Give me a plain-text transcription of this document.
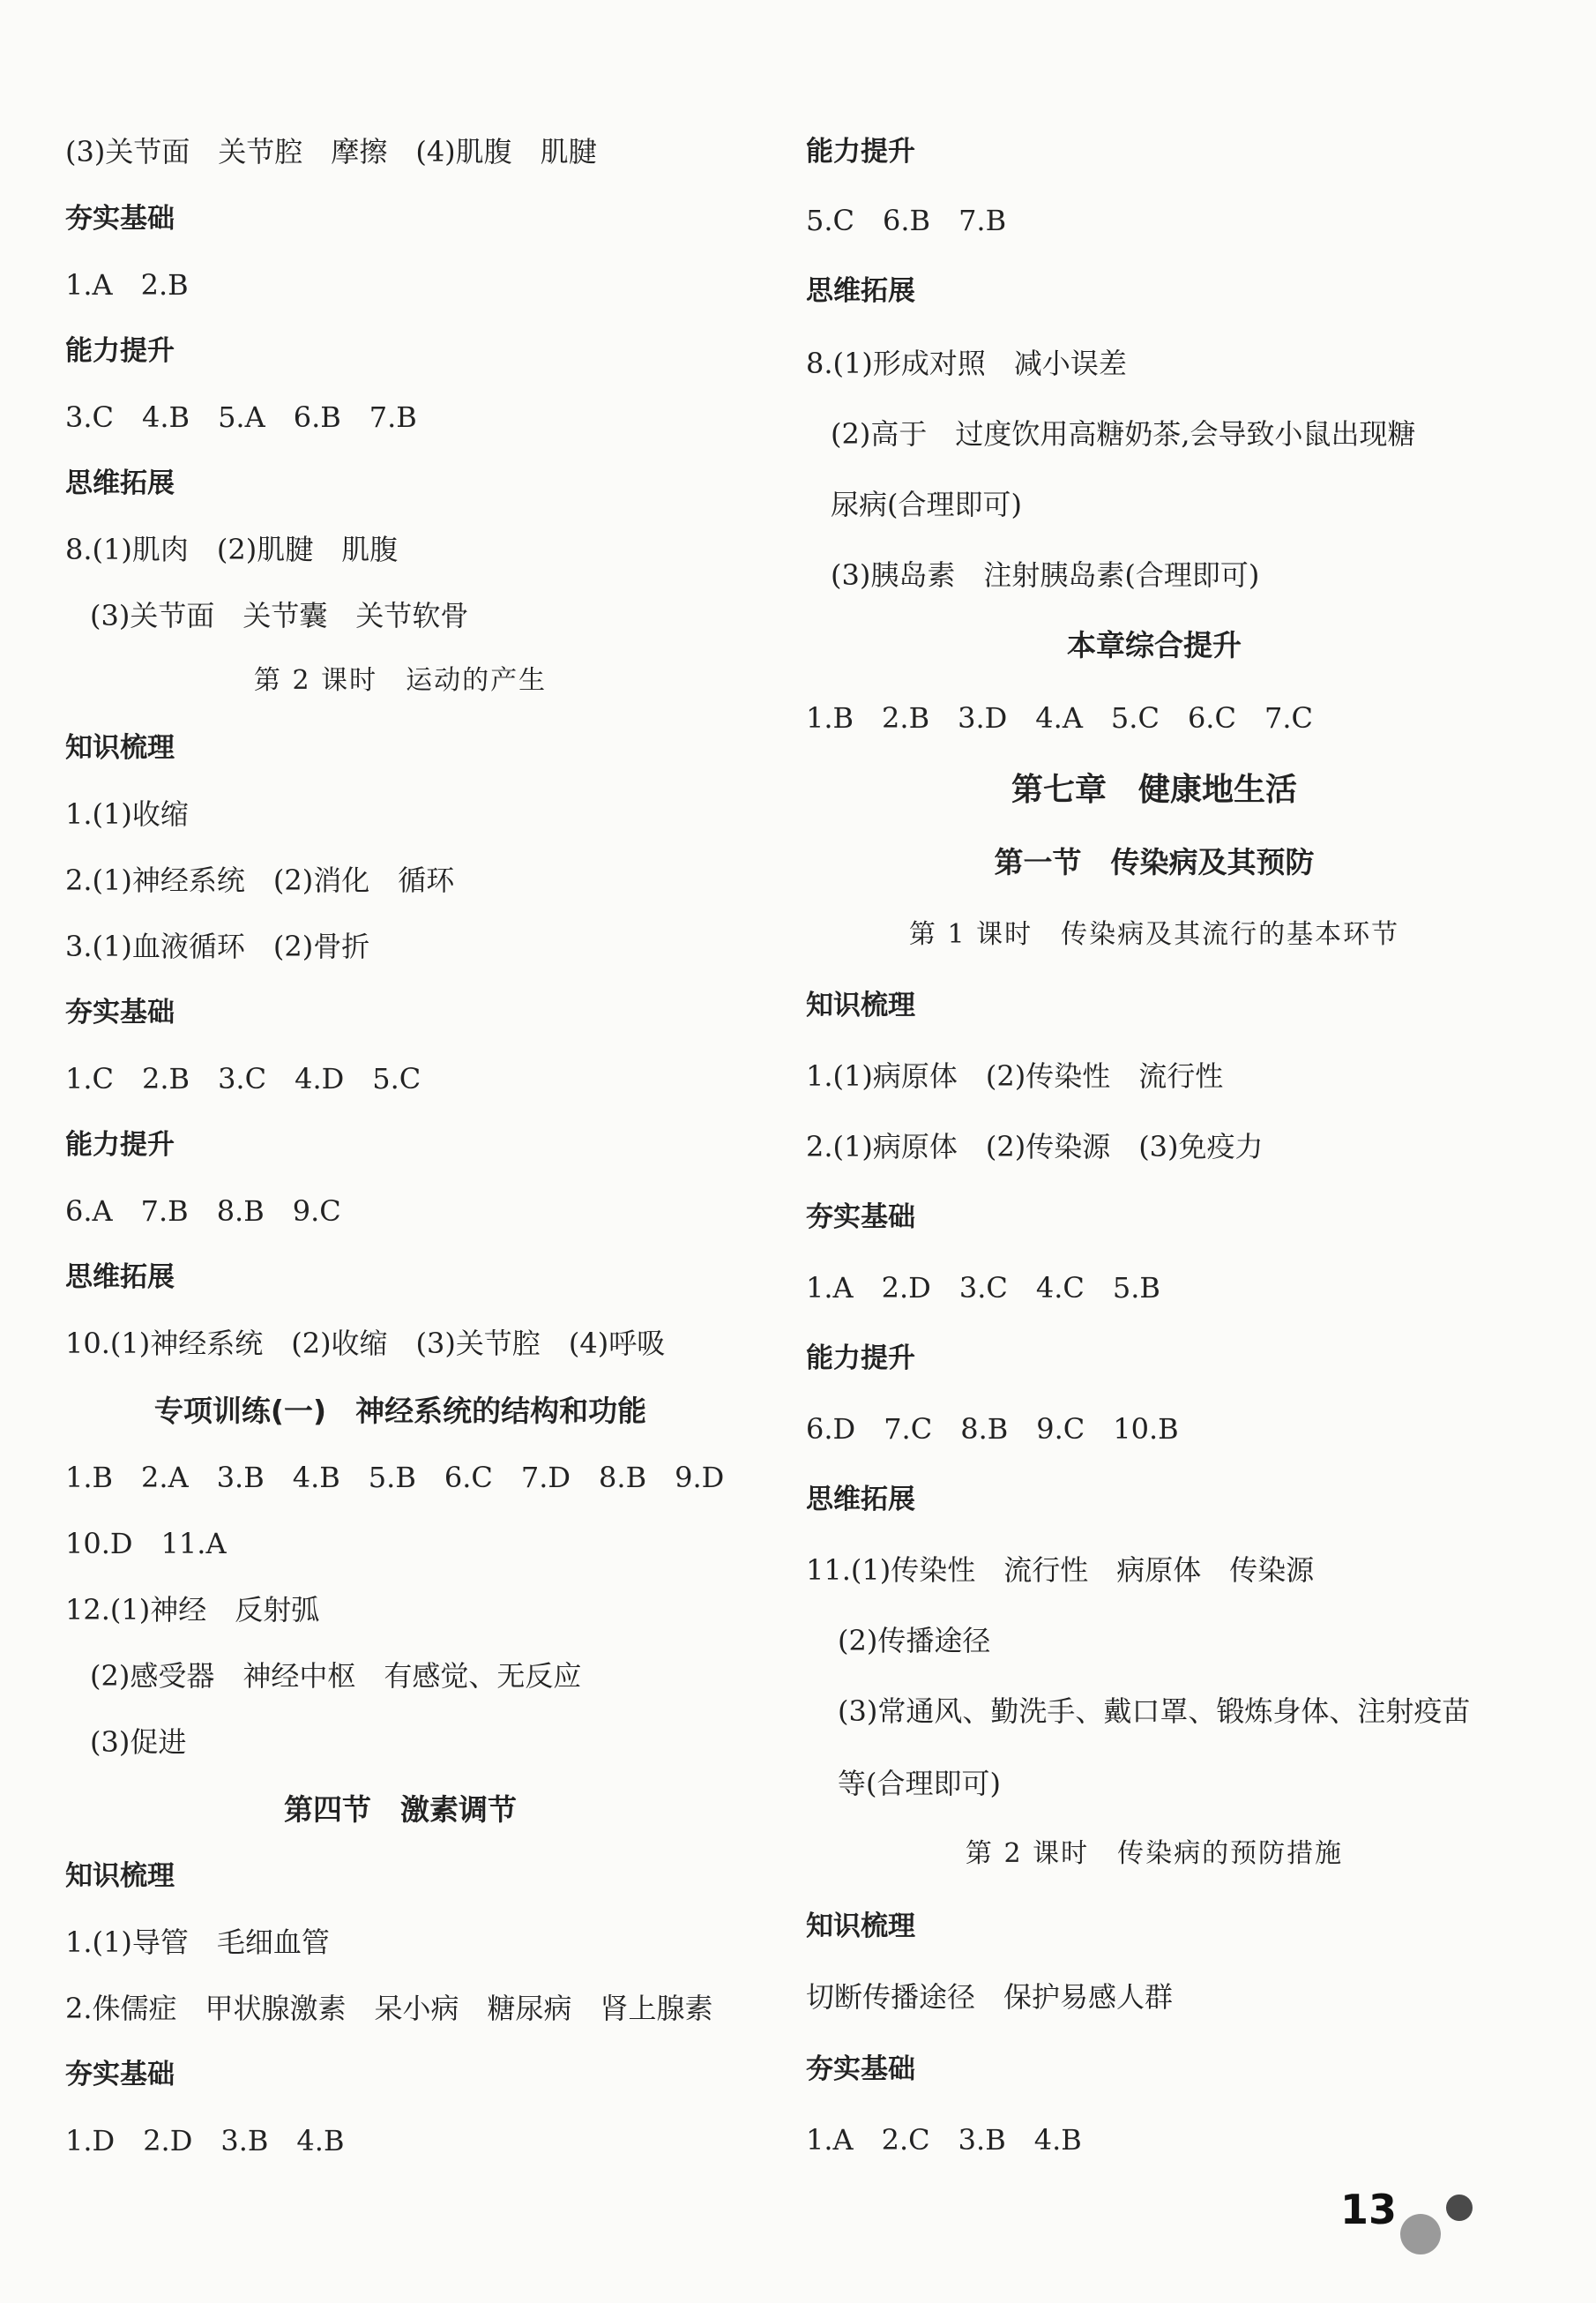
(3)关节面　关节腔　摩擦　(4)肌腹　肌腱
夯实基础
1.A　2.B
能力提升
3.C　4.B　5.A　6.B　7.B
思维拓展
8.(1)肌肉　(2)肌腱　肌腹
(3)关节面　关节囊　关节软骨
第 2 课时　运动的产生
知识梳理
1.(1)收缩
2.(1)神经系统　(2)消化　循环
3.(1)血液循环　(2)骨折
夯实基础
1.C　2.B　3.C　4.D　5.C
能力提升
6.A　7.B　8.B　9.C
思维拓展
10.(1)神经系统　(2)收缩　(3)关节腔　(4)呼吸
专项训练(一)　神经系统的结构和功能
1.B　2.A　3.B　4.B　5.B　6.C　7.D　8.B　9.D
10.D　11.A
12.(1)神经　反射弧
(2)感受器　神经中枢　有感觉、无反应
(3)促进
第四节　激素调节
知识梳理
1.(1)导管　毛细血管
2.侏儒症　甲状腺激素　呆小病　糖尿病　肾上腺素
夯实基础
1.D　2.D　3.B　4.B
能力提升
5.C　6.B　7.B
思维拓展
8.(1)形成对照　减小误差
(2)高于　过度饮用高糖奶茶,会导致小鼠出现糖
尿病(合理即可)
(3)胰岛素　注射胰岛素(合理即可)
本章综合提升
1.B　2.B　3.D　4.A　5.C　6.C　7.C
第七章　健康地生活
第一节　传染病及其预防
第 1 课时　传染病及其流行的基本环节
知识梳理
1.(1)病原体　(2)传染性　流行性
2.(1)病原体　(2)传染源　(3)免疫力
夯实基础
1.A　2.D　3.C　4.C　5.B
能力提升
6.D　7.C　8.B　9.C　10.B
思维拓展
11.(1)传染性　流行性　病原体　传染源
(2)传播途径
(3)常通风、勤洗手、戴口罩、锻炼身体、注射疫苗
等(合理即可)
第 2 课时　传染病的预防措施
知识梳理
切断传播途径　保护易感人群
夯实基础
1.A　2.C　3.B　4.B
13
